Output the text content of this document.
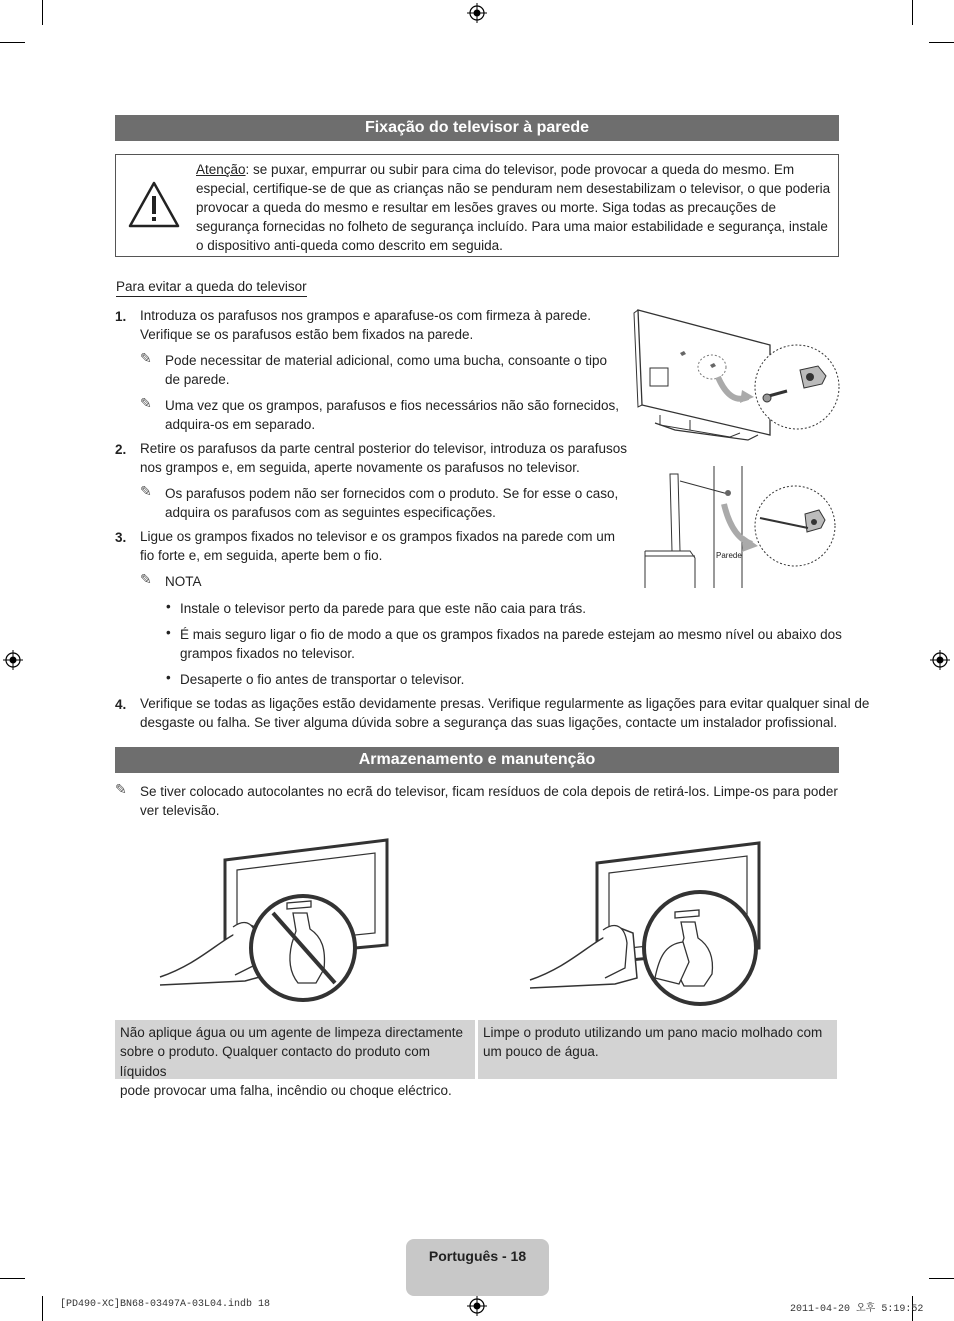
Fixação do televisor à parede
Atenção: se puxar, empurrar ou subir para cima do televisor, pode provocar a queda do mesmo. Em especial, certifique-se de que as crianças não se penduram nem desestabilizam o televisor, o que poderia provocar a queda do mesmo e resultar em lesões graves ou morte. Siga todas as precauções de segurança fornecidas no folheto de segurança incluído. Para uma maior estabilidade e segurança, instale o dispositivo anti-queda como descrito em seguida.
Para evitar a queda do televisor
1. Introduza os parafusos nos grampos e aparafuse-os com firmeza à parede.
Verifique se os parafusos estão bem fixados na parede.
✎ Pode necessitar de material adicional, como uma bucha, consoante o tipo
de parede.
✎ Uma vez que os grampos, parafusos e fios necessários não são fornecidos,
adquira-os em separado.
2. Retire os parafusos da parte central posterior do televisor, introduza os parafusos
nos grampos e, em seguida, aperte novamente os parafusos no televisor.
✎ Os parafusos podem não ser fornecidos com o produto. Se for esse o caso,
adquira os parafusos com as seguintes especificações.
3. Ligue os grampos fixados no televisor e os grampos fixados na parede com um
fio forte e, em seguida, aperte bem o fio.
✎ NOTA
• Instale o televisor perto da parede para que este não caia para trás.
• É mais seguro ligar o fio de modo a que os grampos fixados na parede estejam ao mesmo nível ou abaixo dos
grampos fixados no televisor.
• Desaperte o fio antes de transportar o televisor.
4. Verifique se todas as ligações estão devidamente presas. Verifique regularmente as ligações para evitar qualquer sinal de
desgaste ou falha. Se tiver alguma dúvida sobre a segurança das suas ligações, contacte um instalador profissional.
Parede
Armazenamento e manutenção
✎ Se tiver colocado autocolantes no ecrã do televisor, ficam resíduos de cola depois de retirá-los. Limpe-os para poder
ver televisão.
Não aplique água ou um agente de limpeza directamente
sobre o produto. Qualquer contacto do produto com líquidos
pode provocar uma falha, incêndio ou choque eléctrico.
Limpe o produto utilizando um pano macio molhado com
um pouco de água.
Português - 18
[PD490-XC]BN68-03497A-03L04.indb 18	2011-04-20 오후 5:19:52
